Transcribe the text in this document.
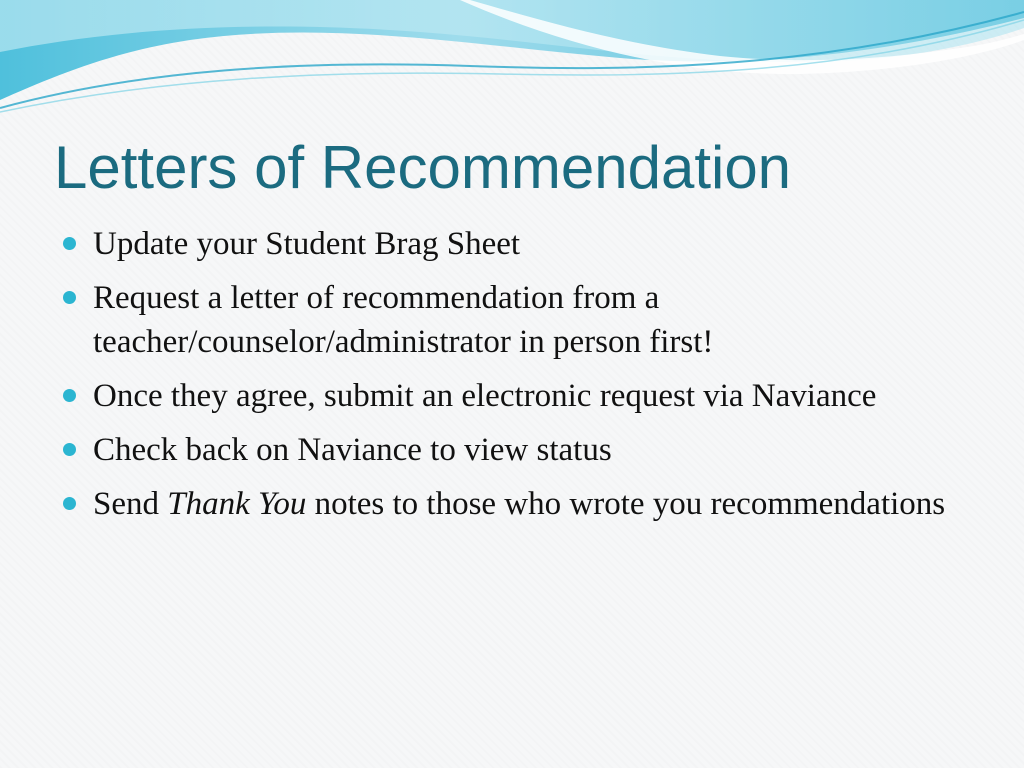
Letters of Recommendation
Update your Student Brag Sheet
Request a letter of recommendation from a teacher/counselor/administrator in person first!
Once they agree, submit an electronic request via Naviance
Check back on Naviance to view status
Send Thank You notes to those who wrote you recommendations
